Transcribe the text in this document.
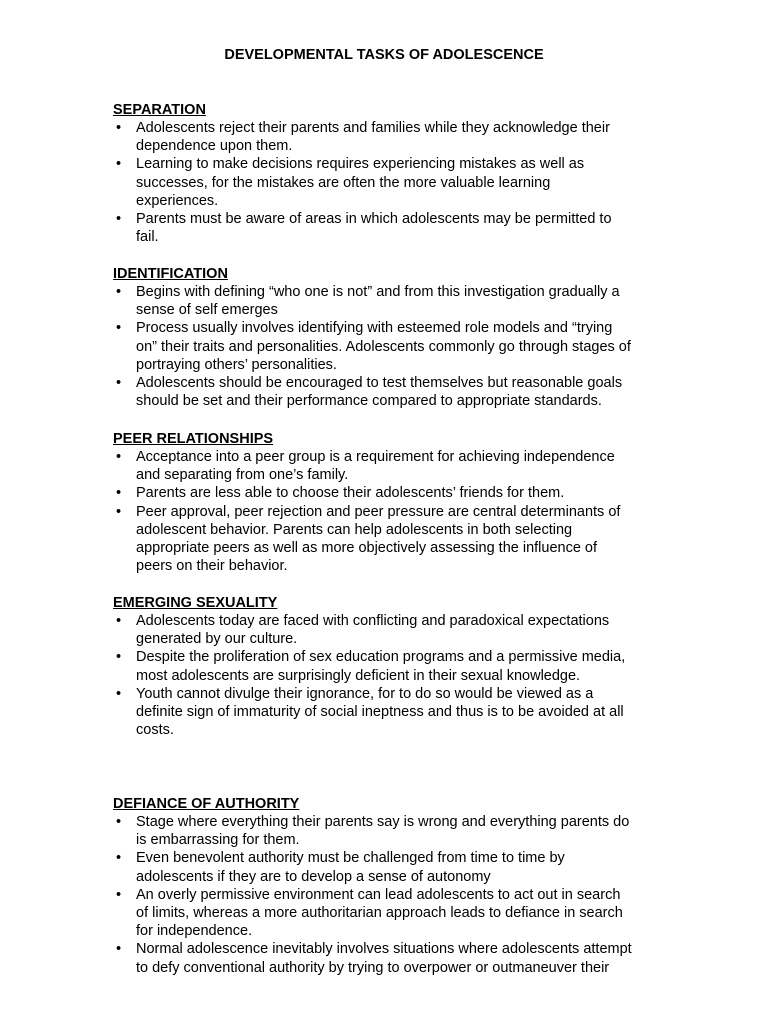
DEVELOPMENTAL TASKS OF ADOLESCENCE
SEPARATION
• Adolescents reject their parents and families while they acknowledge their
dependence upon them.
• Learning to make decisions requires experiencing mistakes as well as
successes, for the mistakes are often the more valuable learning
experiences.
• Parents must be aware of areas in which adolescents may be permitted to
fail.
IDENTIFICATION
• Begins with defining “who one is not” and from this investigation gradually a
sense of self emerges
• Process usually involves identifying with esteemed role models and “trying
on” their traits and personalities. Adolescents commonly go through stages of
portraying others’ personalities.
• Adolescents should be encouraged to test themselves but reasonable goals
should be set and their performance compared to appropriate standards.
PEER RELATIONSHIPS
• Acceptance into a peer group is a requirement for achieving independence
and separating from one’s family.
• Parents are less able to choose their adolescents’ friends for them.
• Peer approval, peer rejection and peer pressure are central determinants of
adolescent behavior. Parents can help adolescents in both selecting
appropriate peers as well as more objectively assessing the influence of
peers on their behavior.
EMERGING SEXUALITY
• Adolescents today are faced with conflicting and paradoxical expectations
generated by our culture.
• Despite the proliferation of sex education programs and a permissive media,
most adolescents are surprisingly deficient in their sexual knowledge.
• Youth cannot divulge their ignorance, for to do so would be viewed as a
definite sign of immaturity of social ineptness and thus is to be avoided at all
costs.
DEFIANCE OF AUTHORITY
• Stage where everything their parents say is wrong and everything parents do
is embarrassing for them.
• Even benevolent authority must be challenged from time to time by
adolescents if they are to develop a sense of autonomy
• An overly permissive environment can lead adolescents to act out in search
of limits, whereas a more authoritarian approach leads to defiance in search
for independence.
• Normal adolescence inevitably involves situations where adolescents attempt
to defy conventional authority by trying to overpower or outmaneuver their
